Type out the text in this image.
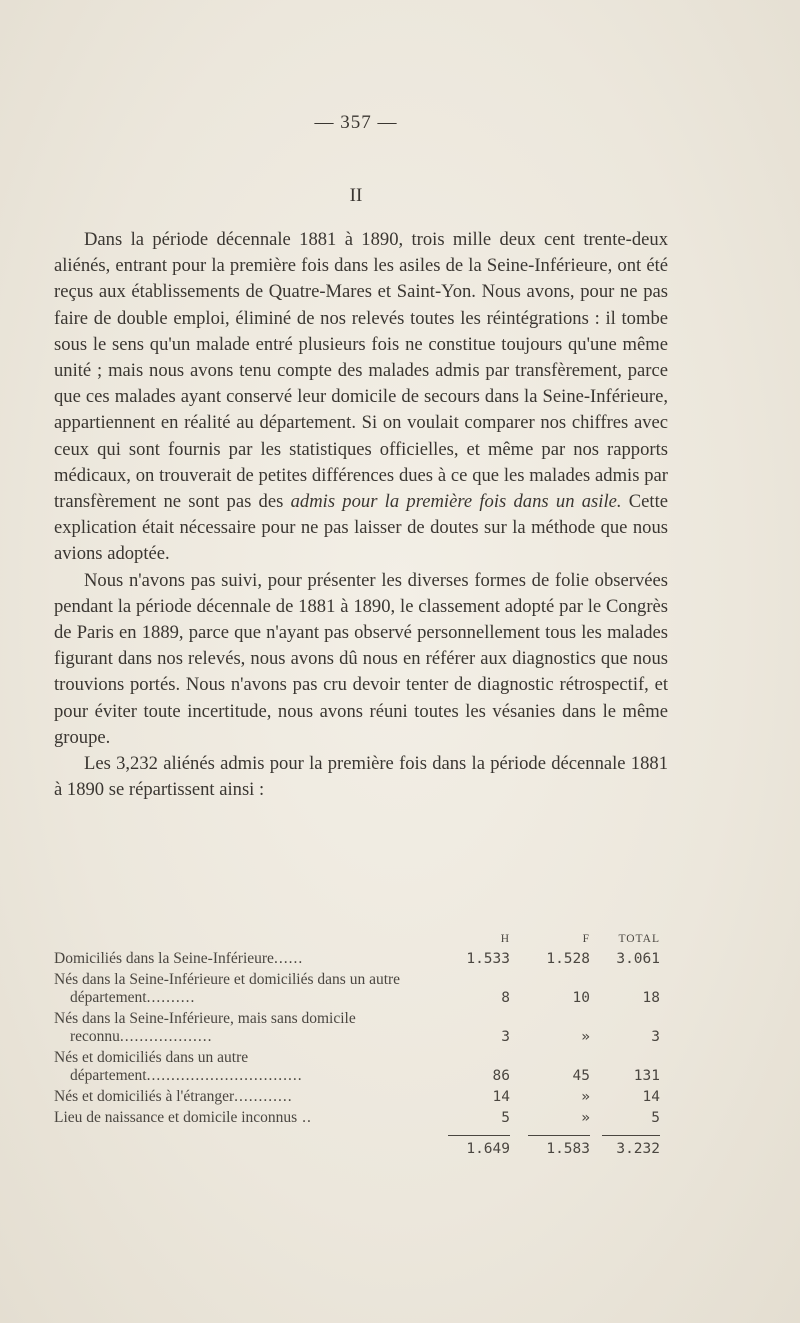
— 357 —
II

Dans la période décennale 1881 à 1890, trois mille deux cent trente-deux aliénés, entrant pour la première fois dans les asiles de la Seine-Inférieure, ont été reçus aux établissements de Quatre-Mares et Saint-Yon. Nous avons, pour ne pas faire de double emploi, éliminé de nos relevés toutes les réintégrations : il tombe sous le sens qu'un malade entré plusieurs fois ne constitue toujours qu'une même unité ; mais nous avons tenu compte des malades admis par transfèrement, parce que ces malades ayant conservé leur domicile de secours dans la Seine-Inférieure, appartiennent en réalité au département. Si on voulait comparer nos chiffres avec ceux qui sont fournis par les statistiques officielles, et même par nos rapports médicaux, on trouverait de petites différences dues à ce que les malades admis par transfèrement ne sont pas des admis pour la première fois dans un asile. Cette explication était nécessaire pour ne pas laisser de doutes sur la méthode que nous avions adoptée.

Nous n'avons pas suivi, pour présenter les diverses formes de folie observées pendant la période décennale de 1881 à 1890, le classement adopté par le Congrès de Paris en 1889, parce que n'ayant pas observé personnellement tous les malades figurant dans nos relevés, nous avons dû nous en référer aux diagnostics que nous trouvions portés. Nous n'avons pas cru devoir tenter de diagnostic rétrospectif, et pour éviter toute incertitude, nous avons réuni toutes les vésanies dans le même groupe.

Les 3,232 aliénés admis pour la première fois dans la période décennale 1881 à 1890 se répartissent ainsi :

H	F	TOTAL
Domiciliés dans la Seine-Inférieure......	1.533	1.528	3.061
Nés dans la Seine-Inférieure et domiciliés dans un autre département..........	8	10	18
Nés dans la Seine-Inférieure, mais sans domicile reconnu...................	3	»	3
Nés et domiciliés dans un autre département................................	86	45	131
Nés et domiciliés à l'étranger............	14	»	14
Lieu de naissance et domicile inconnus ..	5	»	5
1.649	1.583	3.232
